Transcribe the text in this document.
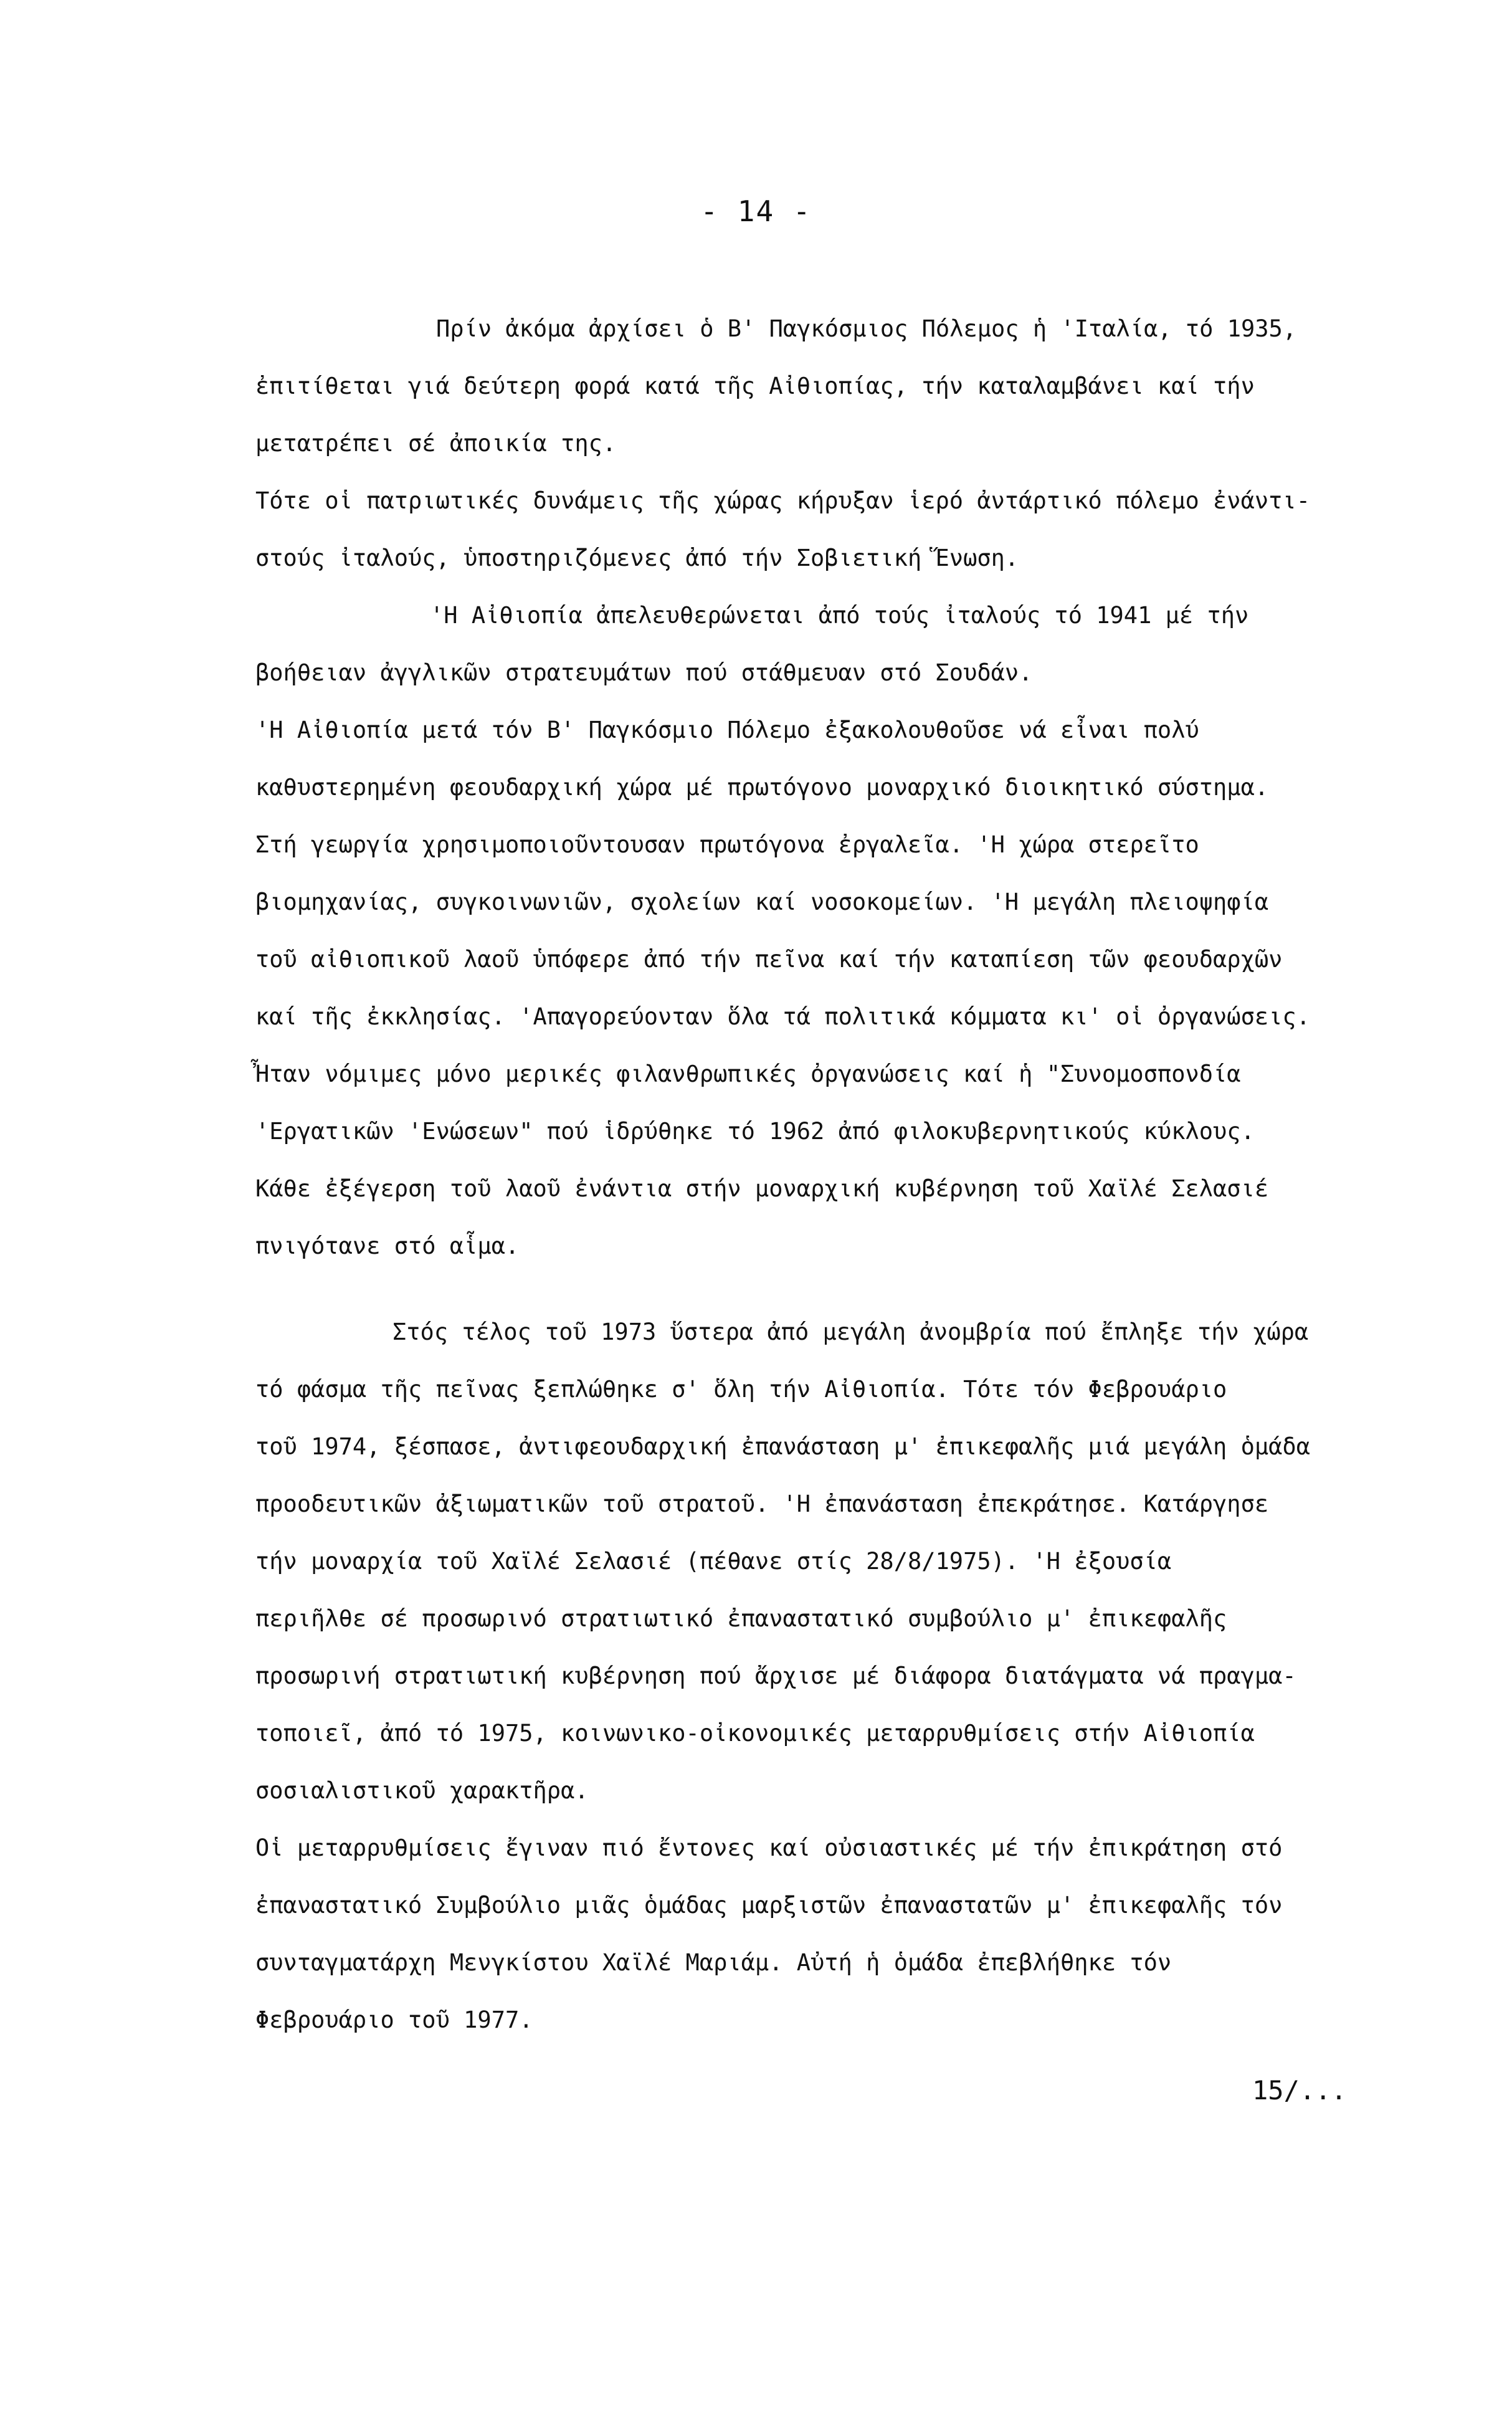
- 14 -
Πρίν ἀκόμα ἀρχίσει ὁ Β' Παγκόσμιος Πόλεμος ἡ 'Ιταλία, τό 1935,
ἐπιτίθεται γιά δεύτερη φορά κατά τῆς Αἰθιοπίας, τήν καταλαμβάνει καί τήν
μετατρέπει σέ ἀποικία της.
Τότε οἱ πατριωτικές δυνάμεις τῆς χώρας κήρυξαν ἱερό ἀντάρτικό πόλεμο ἐνάντι-
στούς ἰταλούς, ὑποστηριζόμενες ἀπό τήν Σοβιετική Ἕνωση.
'Η Αἰθιοπία ἀπελευθερώνεται ἀπό τούς ἰταλούς τό 1941 μέ τήν
βοήθειαν ἀγγλικῶν στρατευμάτων πού στάθμευαν στό Σουδάν.
'Η Αἰθιοπία μετά τόν Β' Παγκόσμιο Πόλεμο ἐξακολουθοῦσε νά εἶναι πολύ
καθυστερημένη φεουδαρχική χώρα μέ πρωτόγονο μοναρχικό διοικητικό σύστημα.
Στή γεωργία χρησιμοποιοῦντουσαν πρωτόγονα ἐργαλεῖα. 'Η χώρα στερεῖτο
βιομηχανίας, συγκοινωνιῶν, σχολείων καί νοσοκομείων. 'Η μεγάλη πλειοψηφία
τοῦ αἰθιοπικοῦ λαοῦ ὑπόφερε ἀπό τήν πεῖνα καί τήν καταπίεση τῶν φεουδαρχῶν
καί τῆς ἐκκλησίας. 'Απαγορεύονταν ὅλα τά πολιτικά κόμματα κι' οἱ ὀργανώσεις.
Ἦταν νόμιμες μόνο μερικές φιλανθρωπικές ὀργανώσεις καί ἡ "Συνομοσπονδία
'Εργατικῶν 'Ενώσεων" πού ἱδρύθηκε τό 1962 ἀπό φιλοκυβερνητικούς κύκλους.
Κάθε ἐξέγερση τοῦ λαοῦ ἐνάντια στήν μοναρχική κυβέρνηση τοῦ Χαϊλέ Σελασιέ
πνιγότανε στό αἷμα.
Στός τέλος τοῦ 1973 ὕστερα ἀπό μεγάλη ἀνομβρία πού ἔπληξε τήν χώρα
τό φάσμα τῆς πεῖνας ξεπλώθηκε σ' ὅλη τήν Αἰθιοπία. Τότε τόν Φεβρουάριο
τοῦ 1974, ξέσπασε, ἀντιφεουδαρχική ἐπανάσταση μ' ἐπικεφαλῆς μιά μεγάλη ὁμάδα
προοδευτικῶν ἀξιωματικῶν τοῦ στρατοῦ. 'Η ἐπανάσταση ἐπεκράτησε. Κατάργησε
τήν μοναρχία τοῦ Χαϊλέ Σελασιέ (πέθανε στίς 28/8/1975). 'Η ἐξουσία
περιῆλθε σέ προσωρινό στρατιωτικό ἐπαναστατικό συμβούλιο μ' ἐπικεφαλῆς
προσωρινή στρατιωτική κυβέρνηση πού ἄρχισε μέ διάφορα διατάγματα νά πραγμα-
τοποιεῖ, ἀπό τό 1975, κοινωνικο-οἰκονομικές μεταρρυθμίσεις στήν Αἰθιοπία
σοσιαλιστικοῦ χαρακτῆρα.
Οἱ μεταρρυθμίσεις ἔγιναν πιό ἔντονες καί οὐσιαστικές μέ τήν ἐπικράτηση στό
ἐπαναστατικό Συμβούλιο μιᾶς ὁμάδας μαρξιστῶν ἐπαναστατῶν μ' ἐπικεφαλῆς τόν
συνταγματάρχη Μενγκίστου Χαϊλέ Μαριάμ. Αὐτή ἡ ὁμάδα ἐπεβλήθηκε τόν
Φεβρουάριο τοῦ 1977.
15/...
